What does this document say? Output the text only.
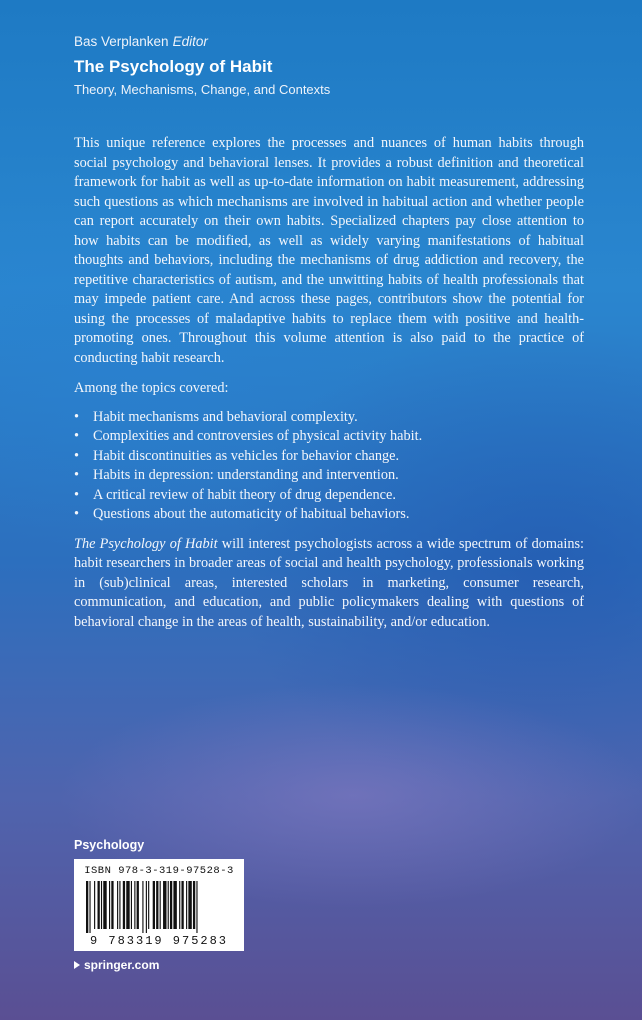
Bas Verplanken Editor
The Psychology of Habit
Theory, Mechanisms, Change, and Contexts

This unique reference explores the processes and nuances of human habits through social psychology and behavioral lenses. It provides a robust definition and theoretical framework for habit as well as up-to-date information on habit measurement, addressing such questions as which mechanisms are involved in habitual action and whether people can report accurately on their own habits. Specialized chapters pay close attention to how habits can be modified, as well as widely varying manifestations of habitual thoughts and behaviors, including the mechanisms of drug addiction and recovery, the repetitive characteristics of autism, and the unwitting habits of health professionals that may impede patient care. And across these pages, contributors show the potential for using the processes of maladaptive habits to replace them with positive and health-promoting ones. Throughout this volume attention is also paid to the practice of conducting habit research.

Among the topics covered:

• Habit mechanisms and behavioral complexity.
• Complexities and controversies of physical activity habit.
• Habit discontinuities as vehicles for behavior change.
• Habits in depression: understanding and intervention.
• A critical review of habit theory of drug dependence.
• Questions about the automaticity of habitual behaviors.

The Psychology of Habit will interest psychologists across a wide spectrum of domains: habit researchers in broader areas of social and health psychology, professionals working in (sub)clinical areas, interested scholars in marketing, consumer research, communication, and education, and public policymakers dealing with questions of behavioral change in the areas of health, sustainability, and/or education.

Psychology
ISBN 978-3-319-97528-3
9 783319 975283
springer.com
